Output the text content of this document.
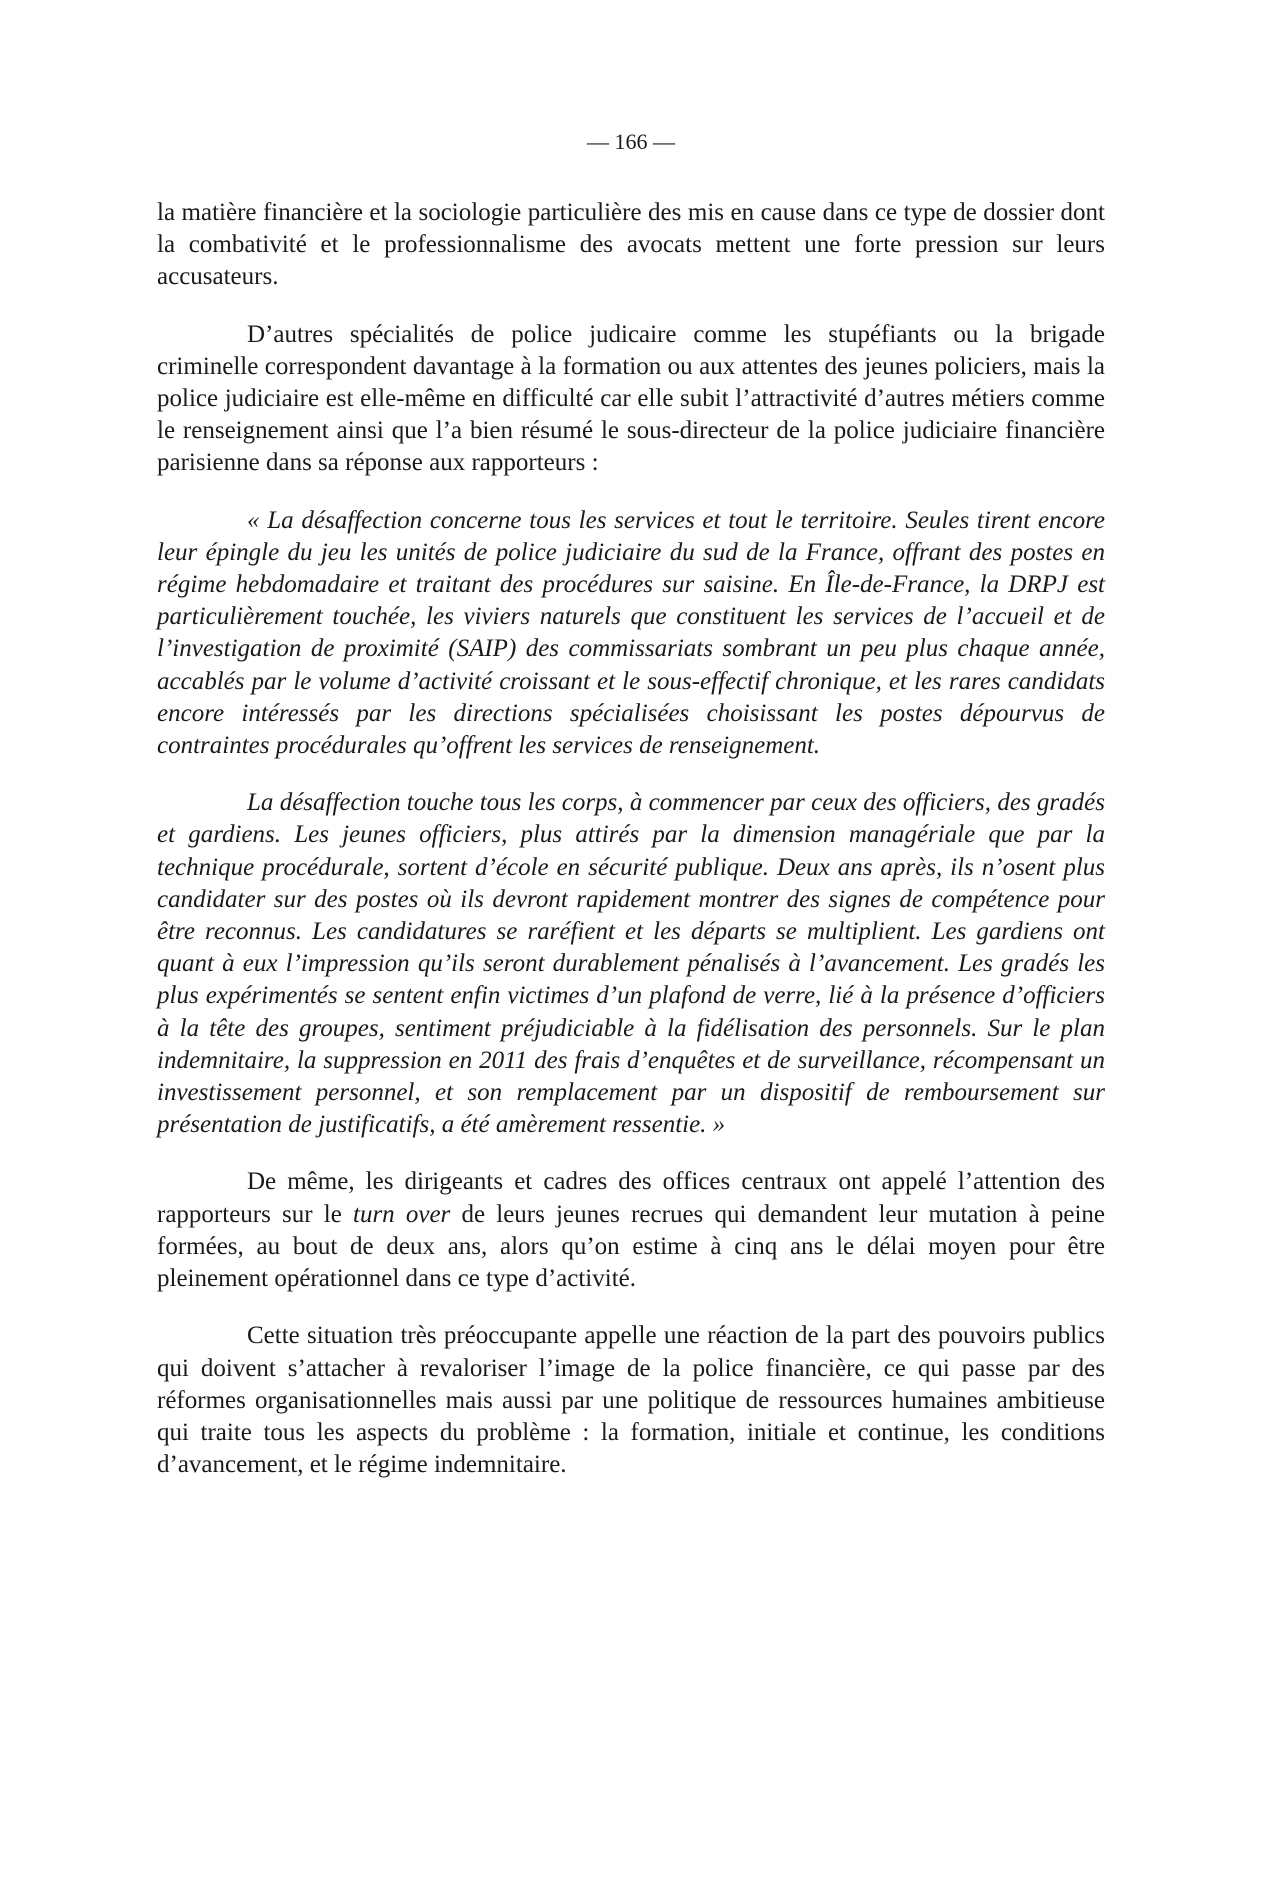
— 166 —

la matière financière et la sociologie particulière des mis en cause dans ce type de dossier dont la combativité et le professionnalisme des avocats mettent une forte pression sur leurs accusateurs.

D’autres spécialités de police judicaire comme les stupéfiants ou la brigade criminelle correspondent davantage à la formation ou aux attentes des jeunes policiers, mais la police judiciaire est elle-même en difficulté car elle subit l’attractivité d’autres métiers comme le renseignement ainsi que l’a bien résumé le sous-directeur de la police judiciaire financière parisienne dans sa réponse aux rapporteurs :

« La désaffection concerne tous les services et tout le territoire. Seules tirent encore leur épingle du jeu les unités de police judiciaire du sud de la France, offrant des postes en régime hebdomadaire et traitant des procédures sur saisine. En Île-de-France, la DRPJ est particulièrement touchée, les viviers naturels que constituent les services de l’accueil et de l’investigation de proximité (SAIP) des commissariats sombrant un peu plus chaque année, accablés par le volume d’activité croissant et le sous-effectif chronique, et les rares candidats encore intéressés par les directions spécialisées choisissant les postes dépourvus de contraintes procédurales qu’offrent les services de renseignement.

La désaffection touche tous les corps, à commencer par ceux des officiers, des gradés et gardiens. Les jeunes officiers, plus attirés par la dimension managériale que par la technique procédurale, sortent d’école en sécurité publique. Deux ans après, ils n’osent plus candidater sur des postes où ils devront rapidement montrer des signes de compétence pour être reconnus. Les candidatures se raréfient et les départs se multiplient. Les gardiens ont quant à eux l’impression qu’ils seront durablement pénalisés à l’avancement. Les gradés les plus expérimentés se sentent enfin victimes d’un plafond de verre, lié à la présence d’officiers à la tête des groupes, sentiment préjudiciable à la fidélisation des personnels. Sur le plan indemnitaire, la suppression en 2011 des frais d’enquêtes et de surveillance, récompensant un investissement personnel, et son remplacement par un dispositif de remboursement sur présentation de justificatifs, a été amèrement ressentie. »

De même, les dirigeants et cadres des offices centraux ont appelé l’attention des rapporteurs sur le turn over de leurs jeunes recrues qui demandent leur mutation à peine formées, au bout de deux ans, alors qu’on estime à cinq ans le délai moyen pour être pleinement opérationnel dans ce type d’activité.

Cette situation très préoccupante appelle une réaction de la part des pouvoirs publics qui doivent s’attacher à revaloriser l’image de la police financière, ce qui passe par des réformes organisationnelles mais aussi par une politique de ressources humaines ambitieuse qui traite tous les aspects du problème : la formation, initiale et continue, les conditions d’avancement, et le régime indemnitaire.
